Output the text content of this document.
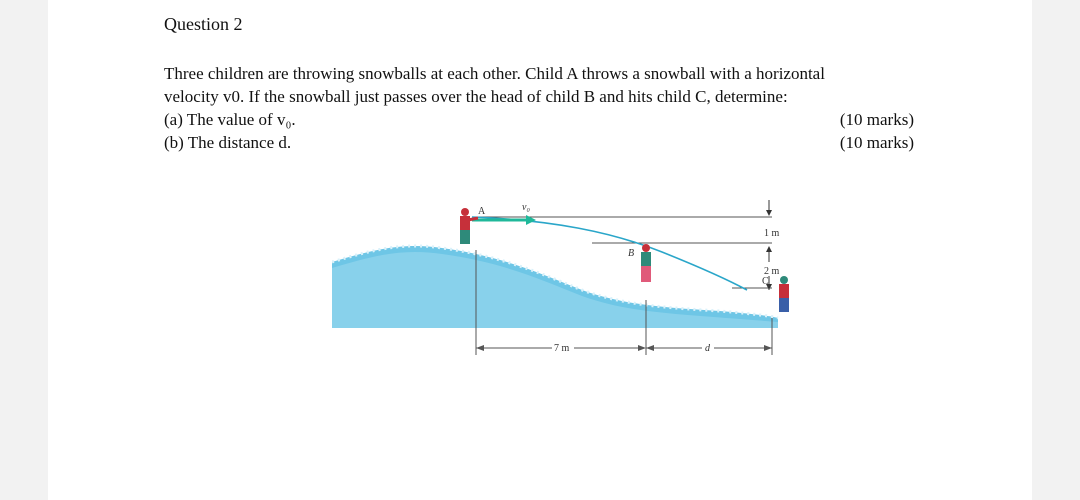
Question 2
Three children are throwing snowballs at each other. Child A throws a snowball with a horizontal
velocity v0. If the snowball just passes over the head of child B and hits child C, determine:
(a) The value of v₀.	(10 marks)
(b) The distance d.	(10 marks)
1 m
2 m
v₀
A
B
C
7 m	d
